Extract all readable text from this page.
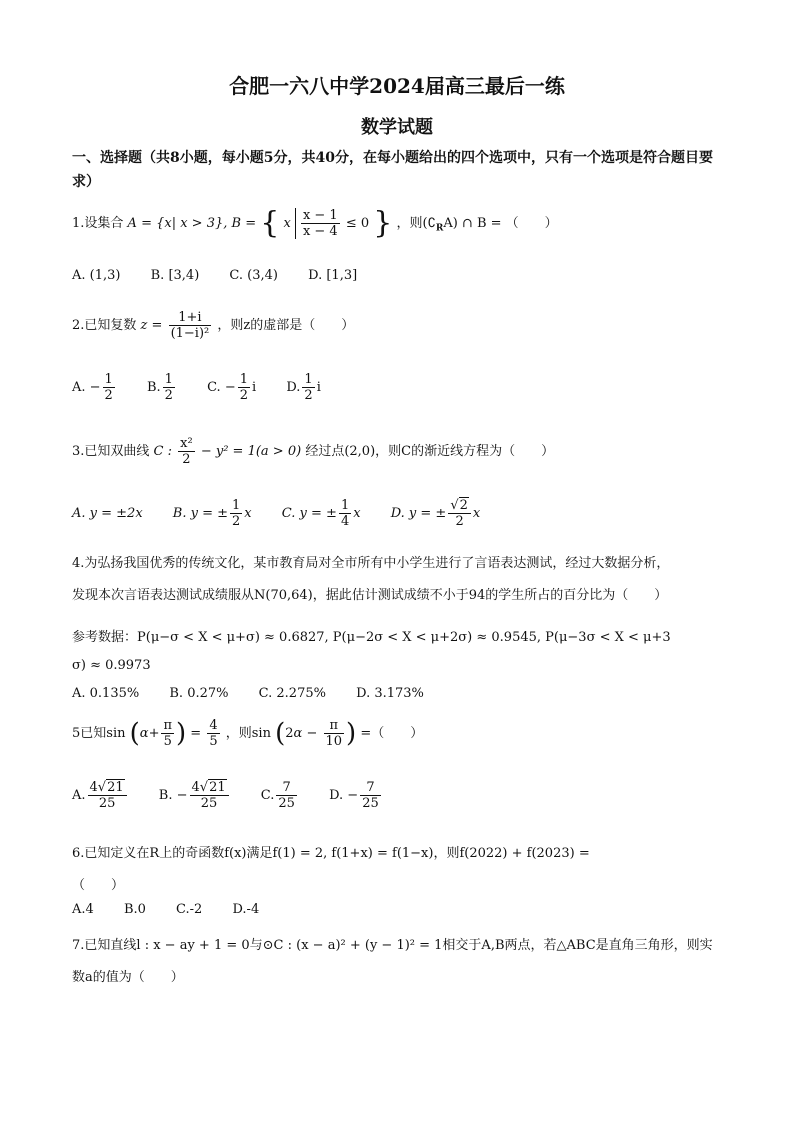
合肥一六八中学2024届高三最后一练
数学试题
一、选择题（共8小题，每小题5分，共40分，在每小题给出的四个选项中，只有一个选项是符合题目要求）
1.设集合 A = {x| x > 3}, B = { x $\frac{x - 1}{x - 4} \le 0$ } ，则$(∁_RA)$ ∩ B = （　　）
A. (1,3) B. [3,4) C. (3,4) D. [1,3]
2.已知复数 $z = \frac{1+i}{\text{(1−i)²}}$ ，则z的虚部是（　　）
A. − $\frac{1}{2} B$. $\frac{1}{2} C$. − $\frac{1}{2}$ i D. $\frac{1}{2}$ i
3.已知双曲线 C : $\frac{\text{x²}}{2} - y^2 = 1(a > 0)$ 经过点(2,0)，则C的渐近线方程为（　　）
A. y = ±2x B. y = ± $\frac{1}{2}$ x C. y = ± $\frac{1}{4}$ x D. y = ± $\frac{√2}{2}$ x
4.为弘扬我国优秀的传统文化，某市教育局对全市所有中小学生进行了言语表达测试，经过大数据分析，
发现本次言语表达测试成绩服从N(70,64)，据此估计测试成绩不小于94的学生所占的百分比为（　　）
参考数据：P(μ−σ < X < μ+σ) ≈ 0.6827, P(μ−2σ < X < μ+2σ) ≈ 0.9545, P(μ−3σ < X < μ+3
σ) ≈ 0.9973
A. 0.135% B. 0.27% C. 2.275% D. 3.173%
5已知$\sin (\alpha+ \frac{\pi}{5}$ ) = $\frac{4}{5}$ ，则$\sin (2\alpha - \frac{\pi}{10}$ ) =（　　）
A. $\frac{4√21}{25} B$. − $\frac{4√21}{25} C$. $\frac{7}{25} D$. − $\frac{7}{25}$
6.已知定义在R上的奇函数f(x)满足f(1) = 2, f(1+x) = f(1−x)，则f(2022) + f(2023) =
（　　）
A.4 B.0 C.-2 D.-4
7.已知直线l : x − ay + 1 = 0与⊙C : (x − a)² + (y − 1)² = 1相交于A,B两点，若△ABC是直角三角形，则实
数a的值为（　　）
